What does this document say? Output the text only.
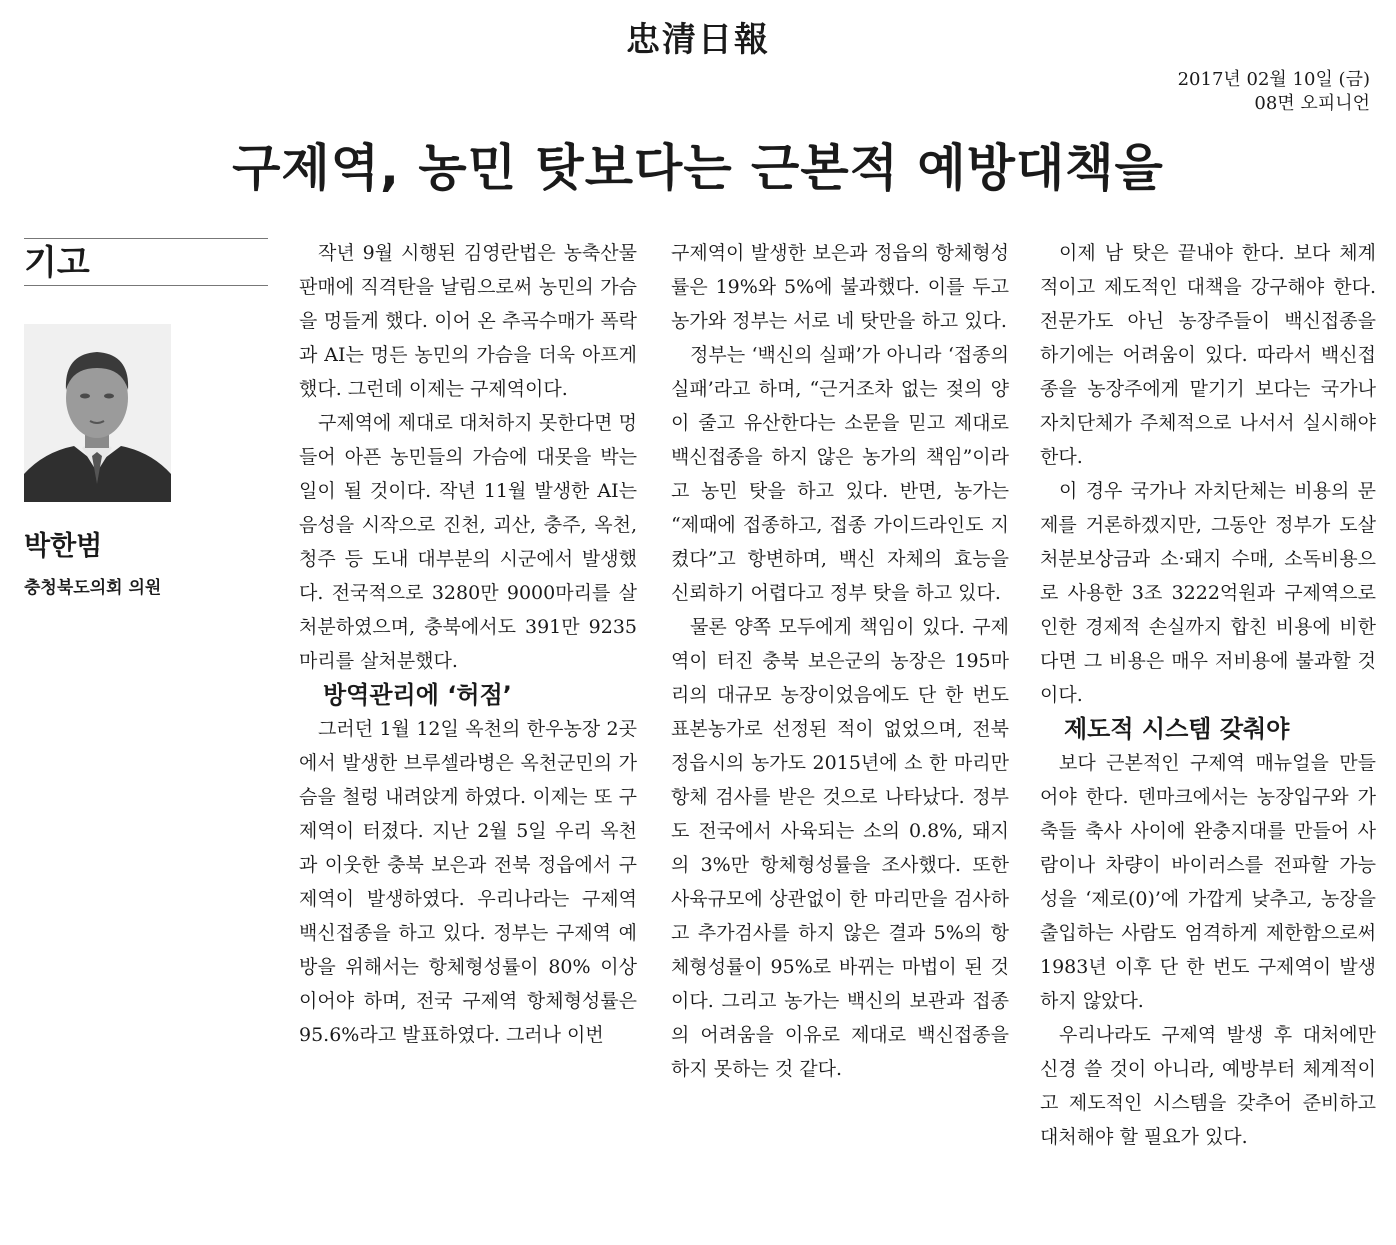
忠清日報
2017년 02월 10일 (금)
08면 오피니언
구제역, 농민 탓보다는 근본적 예방대책을
기고
박한범
충청북도의회 의원

작년 9월 시행된 김영란법은 농축산물 판매에 직격탄을 날림으로써 농민의 가슴을 멍들게 했다. 이어 온 추곡수매가 폭락과 AI는 멍든 농민의 가슴을 더욱 아프게 했다. 그런데 이제는 구제역이다.

구제역에 제대로 대처하지 못한다면 멍들어 아픈 농민들의 가슴에 대못을 박는 일이 될 것이다. 작년 11월 발생한 AI는 음성을 시작으로 진천, 괴산, 충주, 옥천, 청주 등 도내 대부분의 시군에서 발생했다. 전국적으로 3280만 9000마리를 살처분하였으며, 충북에서도 391만 9235마리를 살처분했다.

방역관리에 ‘허점’

그러던 1월 12일 옥천의 한우농장 2곳에서 발생한 브루셀라병은 옥천군민의 가슴을 철렁 내려앉게 하였다. 이제는 또 구제역이 터졌다. 지난 2월 5일 우리 옥천과 이웃한 충북 보은과 전북 정읍에서 구제역이 발생하였다. 우리나라는 구제역 백신접종을 하고 있다. 정부는 구제역 예방을 위해서는 항체형성률이 80% 이상이어야 하며, 전국 구제역 항체형성률은 95.6%라고 발표하였다. 그러나 이번

구제역이 발생한 보은과 정읍의 항체형성률은 19%와 5%에 불과했다. 이를 두고 농가와 정부는 서로 네 탓만을 하고 있다.

정부는 ‘백신의 실패’가 아니라 ‘접종의 실패’라고 하며, “근거조차 없는 젖의 양이 줄고 유산한다는 소문을 믿고 제대로 백신접종을 하지 않은 농가의 책임”이라고 농민 탓을 하고 있다. 반면, 농가는 “제때에 접종하고, 접종 가이드라인도 지켰다”고 항변하며, 백신 자체의 효능을 신뢰하기 어렵다고 정부 탓을 하고 있다.

물론 양쪽 모두에게 책임이 있다. 구제역이 터진 충북 보은군의 농장은 195마리의 대규모 농장이었음에도 단 한 번도 표본농가로 선정된 적이 없었으며, 전북 정읍시의 농가도 2015년에 소 한 마리만 항체 검사를 받은 것으로 나타났다. 정부도 전국에서 사육되는 소의 0.8%, 돼지의 3%만 항체형성률을 조사했다. 또한 사육규모에 상관없이 한 마리만을 검사하고 추가검사를 하지 않은 결과 5%의 항체형성률이 95%로 바뀌는 마법이 된 것이다. 그리고 농가는 백신의 보관과 접종의 어려움을 이유로 제대로 백신접종을 하지 못하는 것 같다.

이제 남 탓은 끝내야 한다. 보다 체계적이고 제도적인 대책을 강구해야 한다. 전문가도 아닌 농장주들이 백신접종을 하기에는 어려움이 있다. 따라서 백신접종을 농장주에게 맡기기 보다는 국가나 자치단체가 주체적으로 나서서 실시해야 한다.

이 경우 국가나 자치단체는 비용의 문제를 거론하겠지만, 그동안 정부가 도살처분보상금과 소·돼지 수매, 소독비용으로 사용한 3조 3222억원과 구제역으로 인한 경제적 손실까지 합친 비용에 비한다면 그 비용은 매우 저비용에 불과할 것이다.

제도적 시스템 갖춰야

보다 근본적인 구제역 매뉴얼을 만들어야 한다. 덴마크에서는 농장입구와 가축들 축사 사이에 완충지대를 만들어 사람이나 차량이 바이러스를 전파할 가능성을 ‘제로(0)’에 가깝게 낮추고, 농장을 출입하는 사람도 엄격하게 제한함으로써 1983년 이후 단 한 번도 구제역이 발생하지 않았다.

우리나라도 구제역 발생 후 대처에만 신경 쓸 것이 아니라, 예방부터 체계적이고 제도적인 시스템을 갖추어 준비하고 대처해야 할 필요가 있다.
